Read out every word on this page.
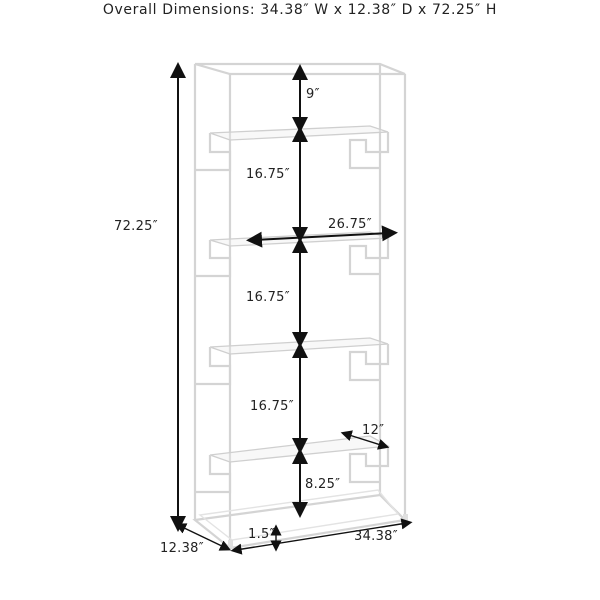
Overall Dimensions: 34.38″ W x 12.38″ D x 72.25″ H
72.25″
9″
16.75″
16.75″
16.75″
8.25″
26.75″
12″
1.5″
12.38″
34.38″
